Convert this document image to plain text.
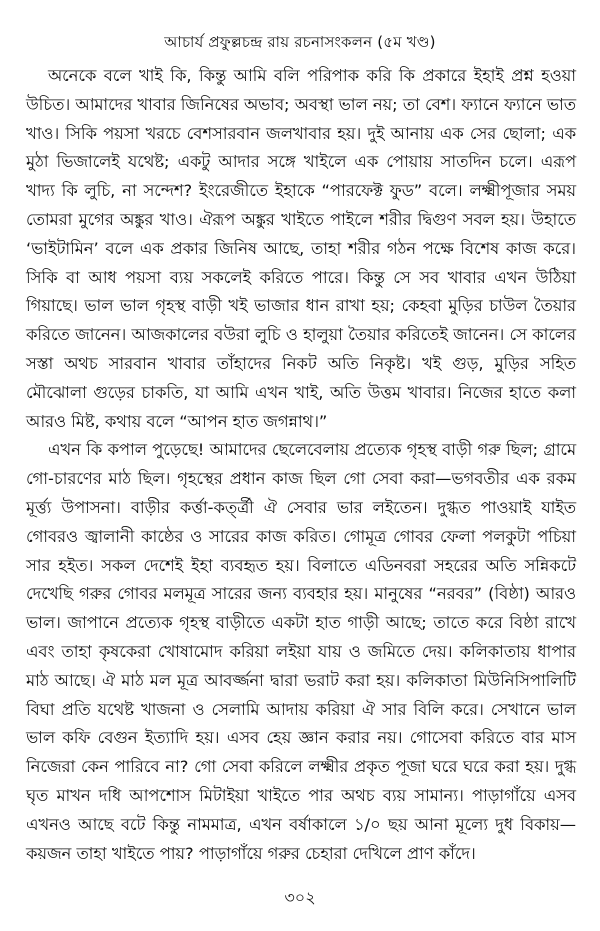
আচার্য প্রফুল্লচন্দ্র রায় রচনাসংকলন (৫ম খণ্ড)

অনেকে বলে খাই কি, কিন্তু আমি বলি পরিপাক করি কি প্রকারে ইহাই প্রশ্ন হওয়া উচিত। আমাদের খাবার জিনিষের অভাব; অবস্থা ভাল নয়; তা বেশ। ফ্যানে ফ্যানে ভাত খাও। সিকি পয়সা খরচে বেশসারবান জলখাবার হয়। দুই আনায় এক সের ছোলা; এক মুঠা ভিজালেই যথেষ্ট; একটু আদার সঙ্গে খাইলে এক পোয়ায় সাতদিন চলে। এরূপ খাদ্য কি লুচি, না সন্দেশ? ইংরেজীতে ইহাকে “পারফেক্ট ফুড” বলে। লক্ষ্মীপূজার সময় তোমরা মুগের অঙ্কুর খাও। ঐরূপ অঙ্কুর খাইতে পাইলে শরীর দ্বিগুণ সবল হয়। উহাতে ‘ভাইটামিন’ বলে এক প্রকার জিনিষ আছে, তাহা শরীর গঠন পক্ষে বিশেষ কাজ করে। সিকি বা আধ পয়সা ব্যয় সকলেই করিতে পারে। কিন্তু সে সব খাবার এখন উঠিয়া গিয়াছে। ভাল ভাল গৃহস্থ বাড়ী খই ভাজার ধান রাখা হয়; কেহবা মুড়ির চাউল তৈয়ার করিতে জানেন। আজকালের বউরা লুচি ও হালুয়া তৈয়ার করিতেই জানেন। সে কালের সস্তা অথচ সারবান খাবার তাঁহাদের নিকট অতি নিকৃষ্ট। খই গুড়, মুড়ির সহিত মৌঝোলা গুড়ের চাকতি, যা আমি এখন খাই, অতি উত্তম খাবার। নিজের হাতে কলা আরও মিষ্ট, কথায় বলে “আপন হাত জগন্নাথ।”

এখন কি কপাল পুড়েছে! আমাদের ছেলেবেলায় প্রত্যেক গৃহস্থ বাড়ী গরু ছিল; গ্রামে গো-চারণের মাঠ ছিল। গৃহস্থের প্রধান কাজ ছিল গো সেবা করা—ভগবতীর এক রকম মূর্ত্ত্য উপাসনা। বাড়ীর কর্ত্তা-কর্ত্ত্রী ঐ সেবার ভার লইতেন। দুগ্ধত পাওয়াই যাইত গোবরও জ্বালানী কাষ্ঠের ও সারের কাজ করিত। গোমূত্র গোবর ফেলা পলকুটা পচিয়া সার হইত। সকল দেশেই ইহা ব্যবহৃত হয়। বিলাতে এডিনবরা সহরের অতি সন্নিকটে দেখেছি গরুর গোবর মলমূত্র সারের জন্য ব্যবহার হয়। মানুষের “নরবর” (বিষ্ঠা) আরও ভাল। জাপানে প্রত্যেক গৃহস্থ বাড়ীতে একটা হাত গাড়ী আছে; তাতে করে বিষ্ঠা রাখে এবং তাহা কৃষকেরা খোষামোদ করিয়া লইয়া যায় ও জমিতে দেয়। কলিকাতায় ধাপার মাঠ আছে। ঐ মাঠ মল মূত্র আবর্জ্জনা দ্বারা ভরাট করা হয়। কলিকাতা মিউনিসিপালিটি বিঘা প্রতি যথেষ্ট খাজনা ও সেলামি আদায় করিয়া ঐ সার বিলি করে। সেখানে ভাল ভাল কফি বেগুন ইত্যাদি হয়। এসব হেয় জ্ঞান করার নয়। গোসেবা করিতে বার মাস নিজেরা কেন পারিবে না? গো সেবা করিলে লক্ষ্মীর প্রকৃত পূজা ঘরে ঘরে করা হয়। দুগ্ধ ঘৃত মাখন দধি আপশোস মিটাইয়া খাইতে পার অথচ ব্যয় সামান্য। পাড়াগাঁয়ে এসব এখনও আছে বটে কিন্তু নামমাত্র, এখন বর্ষাকালে ১/০ ছয় আনা মূল্যে দুধ বিকায়—কয়জন তাহা খাইতে পায়? পাড়াগাঁয়ে গরুর চেহারা দেখিলে প্রাণ কাঁদে।

৩০২
